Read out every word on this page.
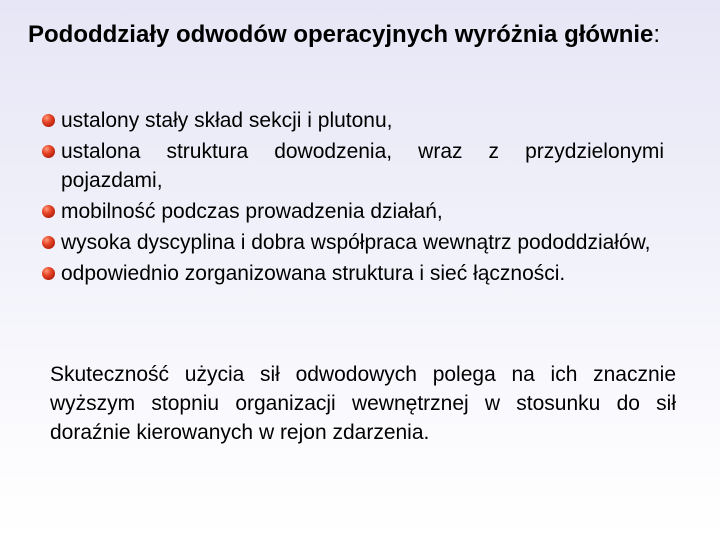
Pododdziały odwodów operacyjnych wyróżnia głównie:
ustalony stały skład sekcji i plutonu,
ustalona struktura dowodzenia, wraz z przydzielonymi pojazdami,
mobilność podczas prowadzenia działań,
wysoka dyscyplina i dobra współpraca wewnątrz pododdziałów,
odpowiednio zorganizowana struktura i sieć łączności.

Skuteczność użycia sił odwodowych polega na ich znacznie wyższym stopniu organizacji wewnętrznej w stosunku do sił doraźnie kierowanych w rejon zdarzenia.
